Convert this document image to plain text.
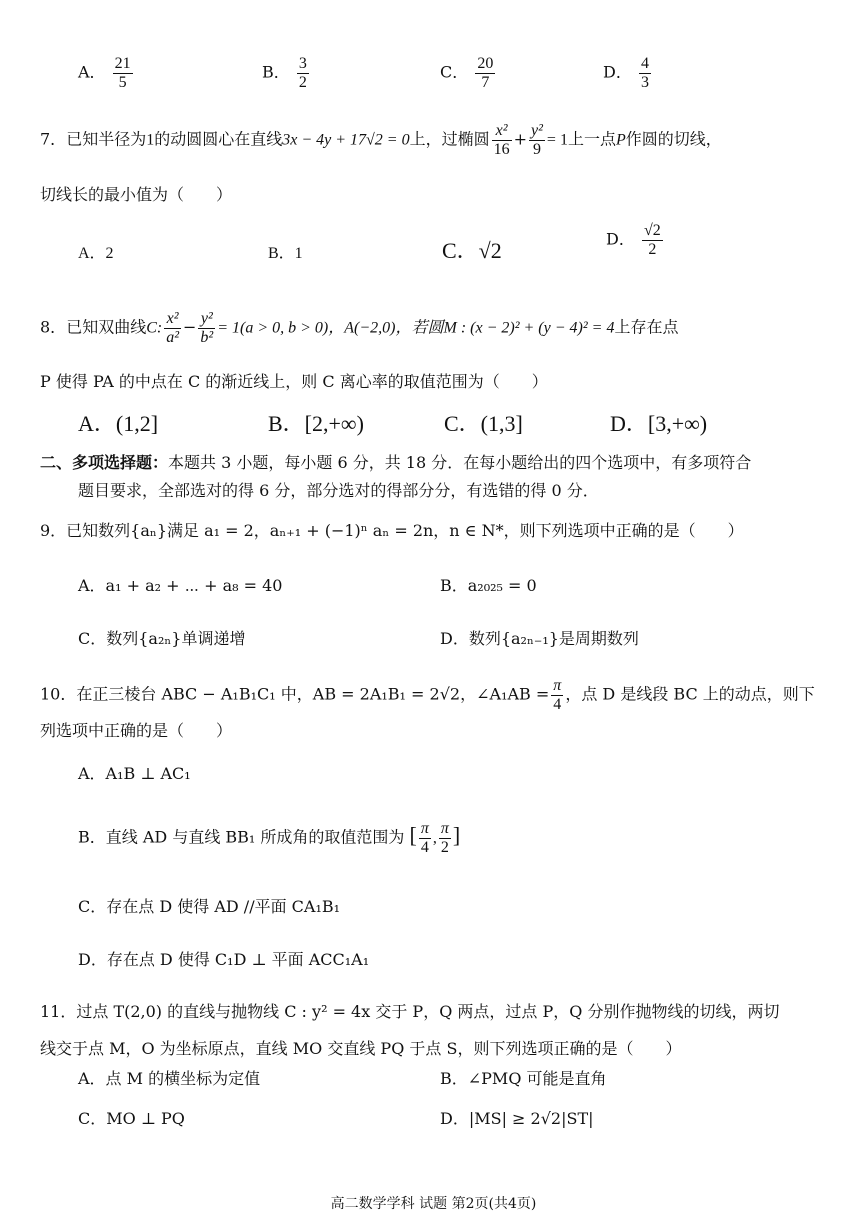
A． $\frac{21}{5}$	B． $\frac{3}{2}$	C． $\frac{20}{7}$	D． $\frac{4}{3}$
7．已知半径为1的动圆圆心在直线3x − 4y + 17√2 = 0上，过椭圆 $\frac{\text{x²}}{16} + \frac{\text{y²}}{9} = 1$上一点P作圆的切线，
切线长的最小值为（　　）
A．2	B．1	C．√2	D． $\frac{√2}{2}$
8．已知双曲线C: $\frac{\text{x²}}{\text{a²}} - \frac{\text{y²}}{\text{b²}} = 1(a > 0$, b > 0)，A(−2,0)，若圆M : (x − 2)² + (y − 4)² = 4上存在点
P 使得 PA 的中点在 C 的渐近线上，则 C 离心率的取值范围为（　　）
A．(1,2]	B．[2,+∞)	C．(1,3]	D．[3,+∞)
二、多项选择题：本题共 3 小题，每小题 6 分，共 18 分．在每小题给出的四个选项中，有多项符合
题目要求，全部选对的得 6 分，部分选对的得部分分，有选错的得 0 分．
9．已知数列{aₙ}满足 a₁ = 2，aₙ₊₁ + (−1)ⁿ aₙ = 2n，n ∈ N*，则下列选项中正确的是（　　）
A．a₁ + a₂ + ⋯ + a₈ = 40	B．a₂₀₂₅ = 0
C．数列{a₂ₙ}单调递增	D．数列{a₂ₙ₋₁}是周期数列
10．在正三棱台 ABC − A₁B₁C₁ 中，AB = 2A₁B₁ = 2√2，∠A₁AB = $\frac{\pi}{4}$ ，点 D 是线段 BC 上的动点，则下
列选项中正确的是（　　）
A．A₁B ⊥ AC₁
B．直线 AD 与直线 BB₁ 所成角的取值范围为 [ $\frac{\pi}{4}$ , $\frac{\pi}{2}$ ]
C．存在点 D 使得 AD //平面 CA₁B₁
D．存在点 D 使得 C₁D ⊥ 平面 ACC₁A₁
11．过点 T(2,0) 的直线与抛物线 C : y² = 4x 交于 P，Q 两点，过点 P，Q 分别作抛物线的切线，两切
线交于点 M，O 为坐标原点，直线 MO 交直线 PQ 于点 S，则下列选项正确的是（　　）
A．点 M 的横坐标为定值	B．∠PMQ 可能是直角
C．MO ⊥ PQ	D．|MS| ≥ 2√2|ST|
高二数学学科 试题 第2页(共4页)
